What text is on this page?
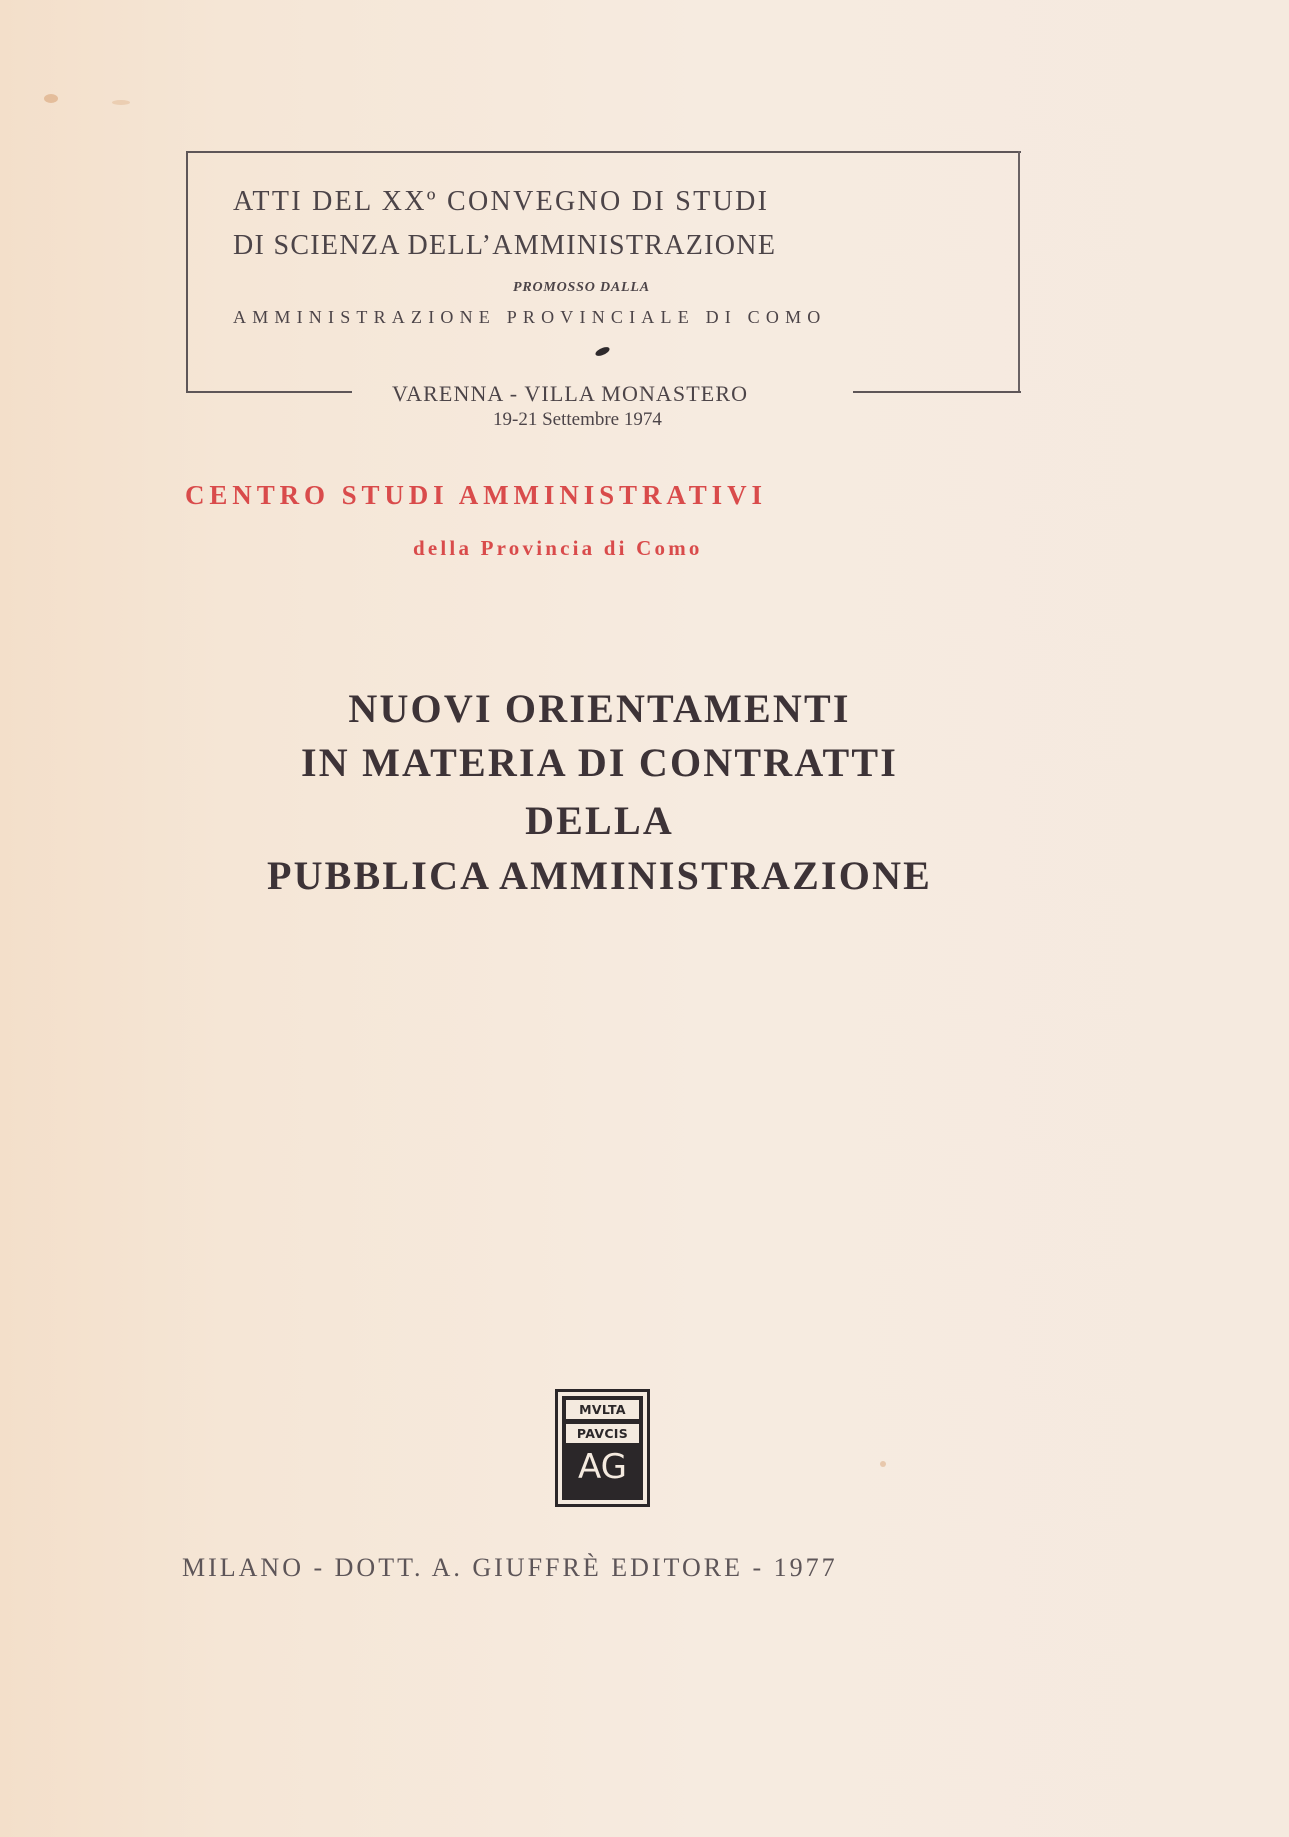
ATTI DEL XXº CONVEGNO DI STUDI
DI SCIENZA DELL’AMMINISTRAZIONE
PROMOSSO DALLA
AMMINISTRAZIONE PROVINCIALE DI COMO
VARENNA - VILLA MONASTERO
19-21 Settembre 1974
CENTRO STUDI AMMINISTRATIVI
della Provincia di Como
NUOVI ORIENTAMENTI
IN MATERIA DI CONTRATTI
DELLA
PUBBLICA AMMINISTRAZIONE
MVLTA
PAVCIS
AG
MILANO - DOTT. A. GIUFFRÈ EDITORE - 1977
